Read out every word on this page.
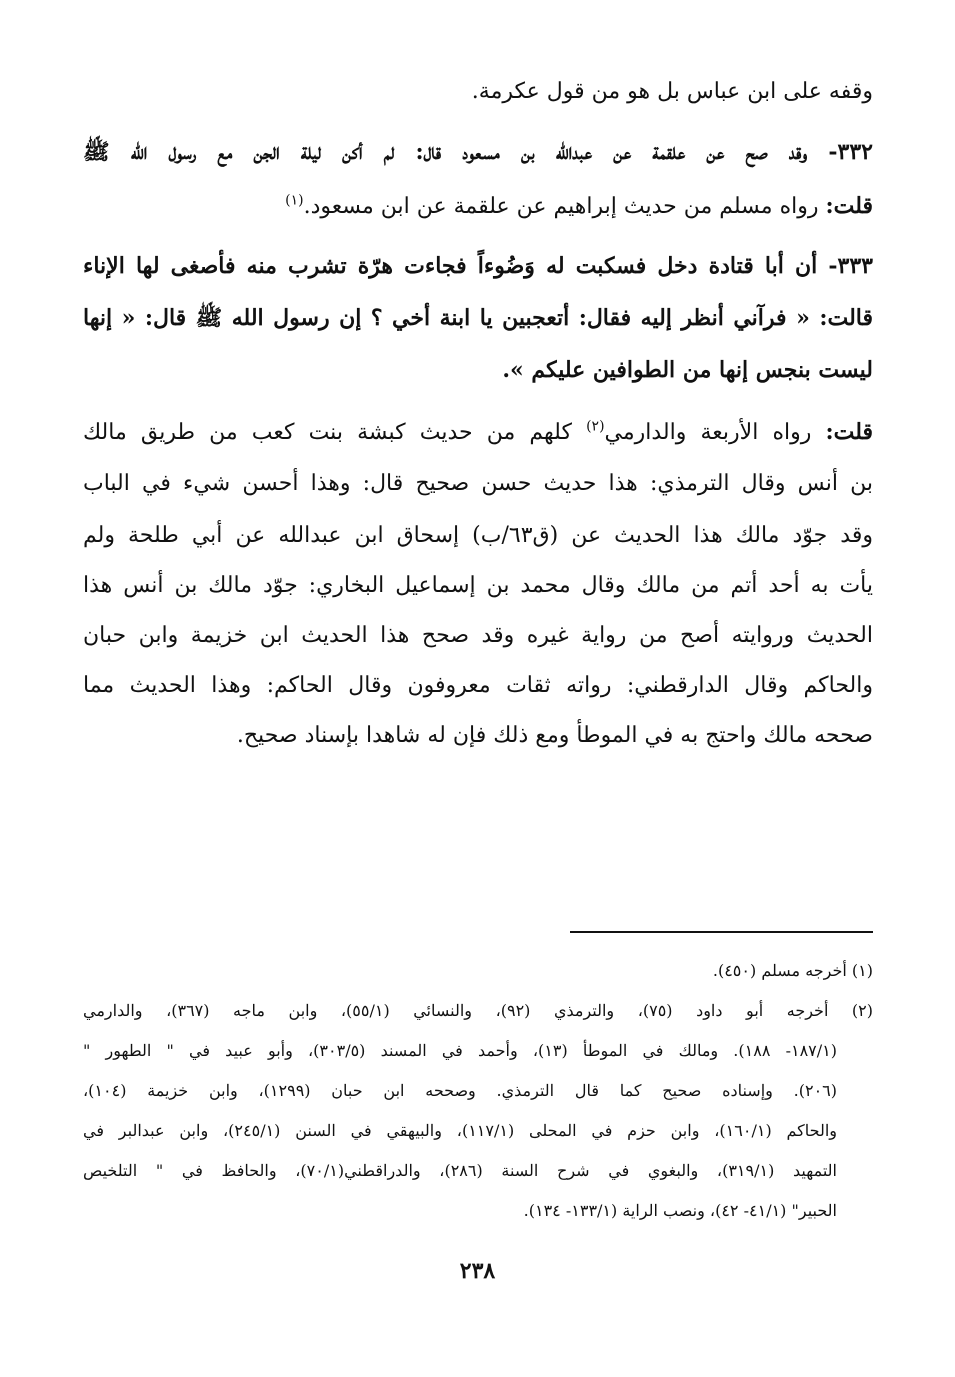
وقفه على ابن عباس بل هو من قول عكرمة.
٣٣٢- وقد صح عن علقمة عن عبدالله بن مسعود قال: لم أكن ليلة الجن مع رسول الله ﷺ
قلت: رواه مسلم من حديث إبراهيم عن علقمة عن ابن مسعود.$^{(١)}$
٣٣٣- أن أبا قتادة دخل فسكبت له وَضُوءاً فجاءت هرّة تشرب منه فأصغى لها الإناء
قالت: « فرآني أنظر إليه فقال: أتعجبين يا ابنة أخي ؟ إن رسول الله ﷺ قال: « إنها
ليست بنجس إنها من الطوافين عليكم ».
قلت: رواه الأربعة والدارمي$^{(٢)}$ كلهم من حديث كبشة بنت كعب من طريق مالك
بن أنس وقال الترمذي: هذا حديث حسن صحيح قال: وهذا أحسن شيء في الباب
وقد جوّد مالك هذا الحديث عن (ق٦٣/ب) إسحاق ابن عبدالله عن أبي طلحة ولم
يأت به أحد أتم من مالك وقال محمد بن إسماعيل البخاري: جوّد مالك بن أنس هذا
الحديث وروايته أصح من رواية غيره وقد صحح هذا الحديث ابن خزيمة وابن حبان
والحاكم وقال الدارقطني: رواته ثقات معروفون وقال الحاكم: وهذا الحديث مما
صححه مالك واحتج به في الموطأ ومع ذلك فإن له شاهدا بإسناد صحيح.
(١) أخرجه مسلم (٤٥٠).
(٢) أخرجه أبو داود (٧٥)، والترمذي (٩٢)، والنسائي (٥٥/١)، وابن ماجه (٣٦٧)، والدارمي
(١٨٧/١- ١٨٨). ومالك في الموطأ (١٣)، وأحمد في المسند (٣٠٣/٥)، وأبو عبيد في " الطهور "
(٢٠٦). وإسناده صحيح كما قال الترمذي. وصححه ابن حبان (١٢٩٩)، وابن خزيمة (١٠٤)،
والحاكم (١٦٠/١)، وابن حزم في المحلى (١١٧/١)، والبيهقي في السنن (٢٤٥/١)، وابن عبدالبر في
التمهيد (٣١٩/١)، والبغوي في شرح السنة (٢٨٦)، والدراقطني(٧٠/١)، والحافظ في " التلخيص
الحبير" (٤١/١- ٤٢)، ونصب الراية (١٣٣/١- ١٣٤).
٢٣٨
